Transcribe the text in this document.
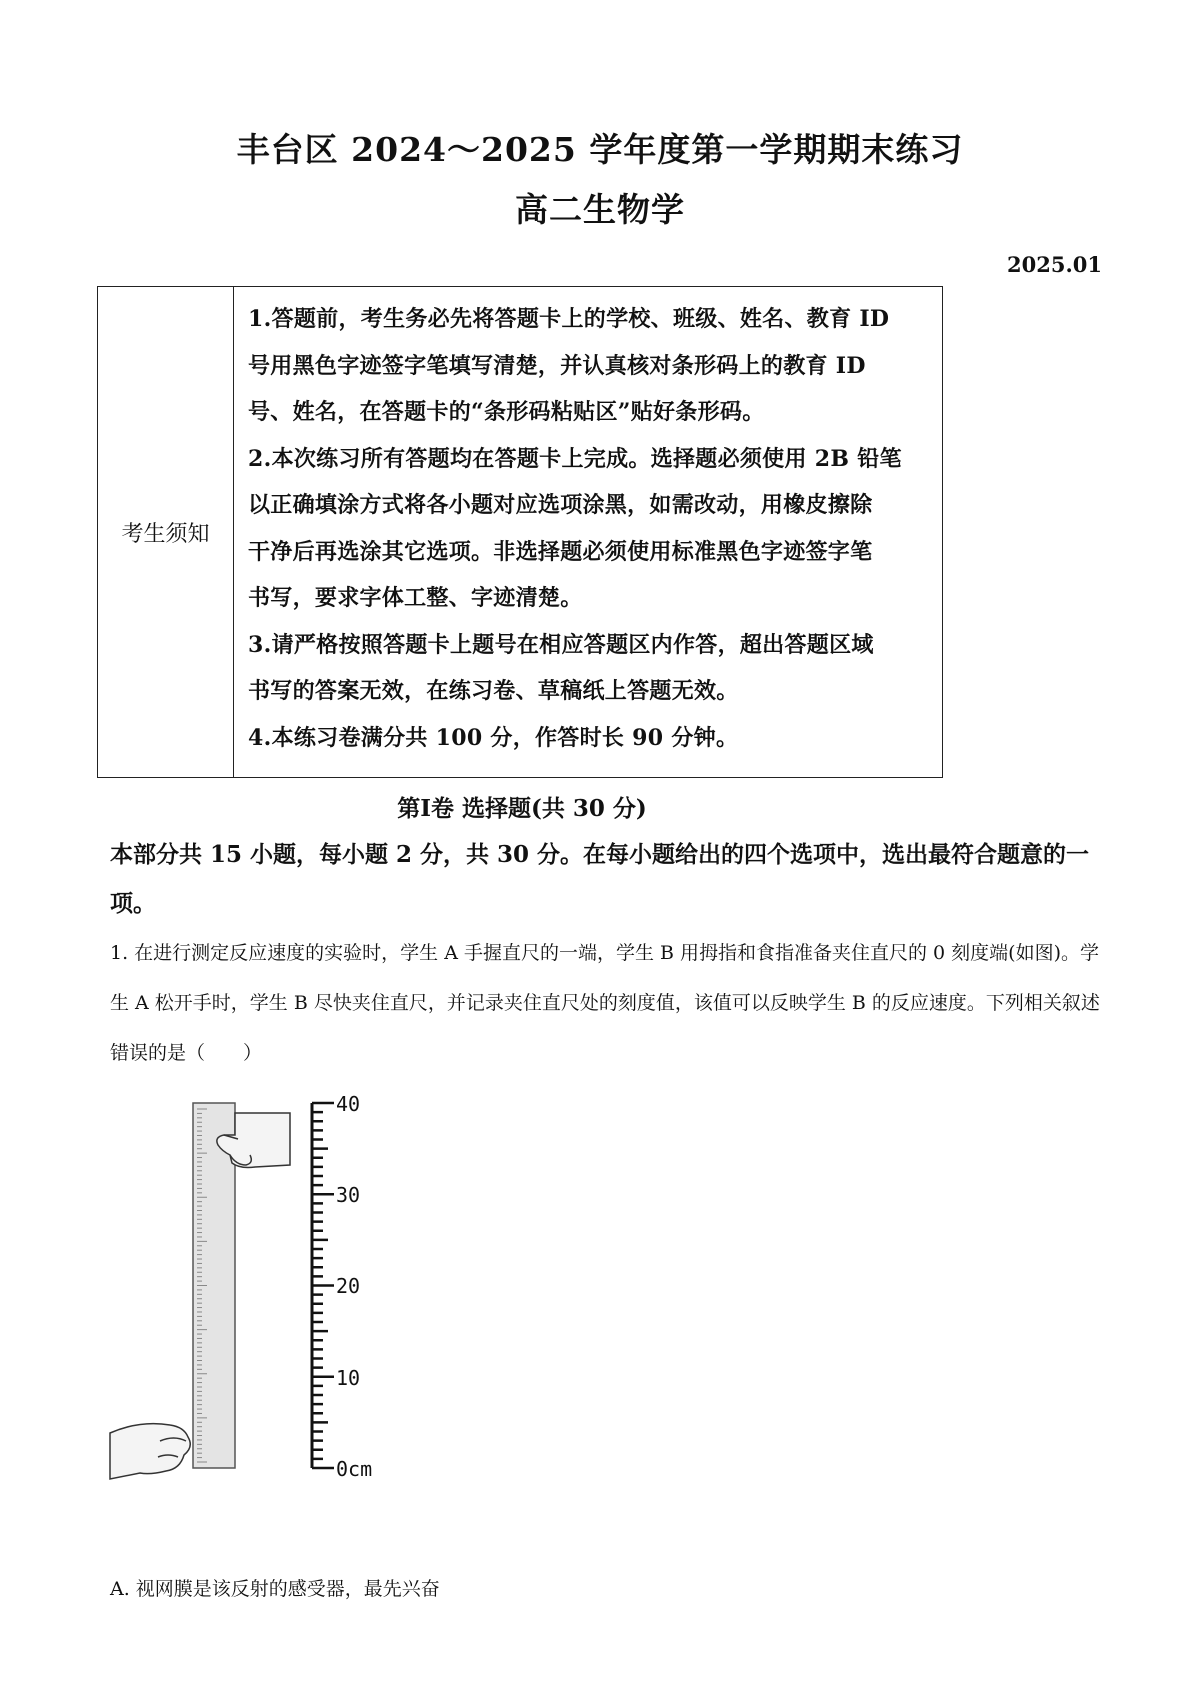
丰台区 2024～2025 学年度第一学期期末练习
高二生物学
2025.01
考生须知

1.答题前，考生务必先将答题卡上的学校、班级、姓名、教育 ID

号用黑色字迹签字笔填写清楚，并认真核对条形码上的教育 ID

号、姓名，在答题卡的“条形码粘贴区”贴好条形码。

2.本次练习所有答题均在答题卡上完成。选择题必须使用 2B 铅笔

以正确填涂方式将各小题对应选项涂黑，如需改动，用橡皮擦除

干净后再选涂其它选项。非选择题必须使用标准黑色字迹签字笔

书写，要求字体工整、字迹清楚。

3.请严格按照答题卡上题号在相应答题区内作答，超出答题区域

书写的答案无效，在练习卷、草稿纸上答题无效。

4.本练习卷满分共 100 分，作答时长 90 分钟。

第Ⅰ卷 选择题(共 30 分)
本部分共 15 小题，每小题 2 分，共 30 分。在每小题给出的四个选项中，选出最符合题意的一项。
1. 在进行测定反应速度的实验时，学生 A 手握直尺的一端，学生 B 用拇指和食指准备夹住直尺的 0 刻度端(如图)。学生 A 松开手时，学生 B 尽快夹住直尺，并记录夹住直尺处的刻度值，该值可以反映学生 B 的反应速度。下列相关叙述错误的是（　　）
40
30
20
10
0cm
A. 视网膜是该反射的感受器，最先兴奋
